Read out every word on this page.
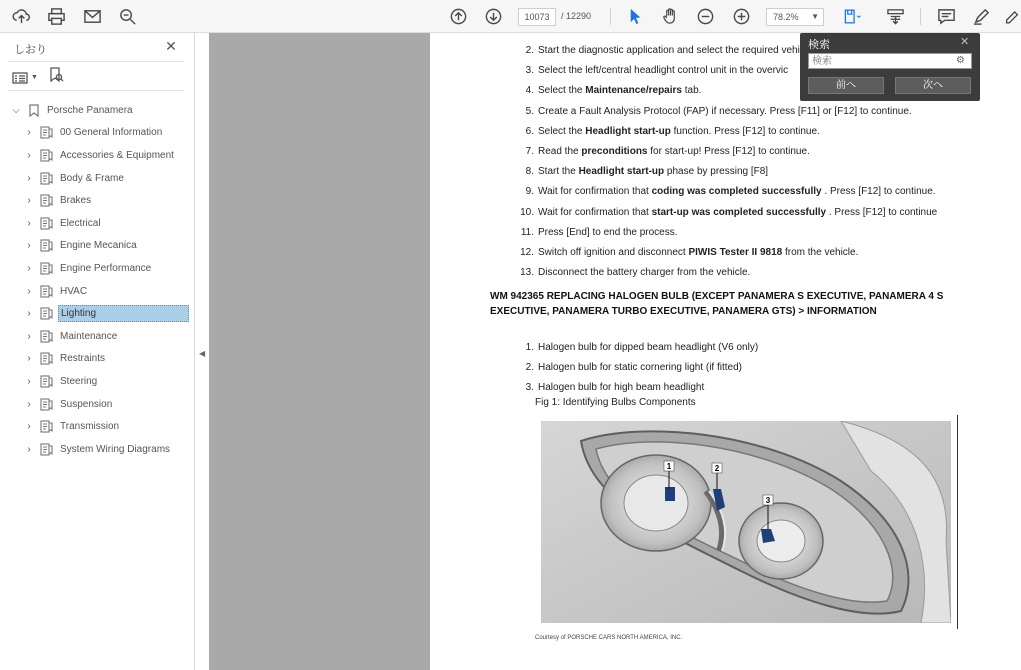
10073	/ 12290	78.2% ▼
しおり	✕
▼
⌵	Porsche Panamera
›	00 General Information
›	Accessories & Equipment
›	Body & Frame
›	Brakes
›	Electrical
›	Engine Mecanica
›	Engine Performance
›	HVAC
›	Lighting
›	Maintenance
›	Restraints
›	Steering
›	Suspension
›	Transmission
›	System Wiring Diagrams
◀
2. Start the diagnostic application and select the required vehi
3. Select the left/central headlight control unit in the overvic
4. Select the Maintenance/repairs tab.
5. Create a Fault Analysis Protocol (FAP) if necessary. Press [F11] or [F12] to continue.
6. Select the Headlight start-up function. Press [F12] to continue.
7. Read the preconditions for start-up! Press [F12] to continue.
8. Start the Headlight start-up phase by pressing [F8]
9. Wait for confirmation that coding was completed successfully . Press [F12] to continue.
10. Wait for confirmation that start-up was completed successfully . Press [F12] to continue
11. Press [End] to end the process.
12. Switch off ignition and disconnect PIWIS Tester II 9818 from the vehicle.
13. Disconnect the battery charger from the vehicle.
WM 942365 REPLACING HALOGEN BULB (EXCEPT PANAMERA S EXECUTIVE, PANAMERA 4 S EXECUTIVE, PANAMERA TURBO EXECUTIVE, PANAMERA GTS) > INFORMATION
1. Halogen bulb for dipped beam headlight (V6 only)
2. Halogen bulb for static cornering light (if fitted)
3. Halogen bulb for high beam headlight
Fig 1: Identifying Bulbs Components
1	2
3
Courtesy of PORSCHE CARS NORTH AMERICA, INC.
検索	✕
検索
⚙
前へ	次へ
